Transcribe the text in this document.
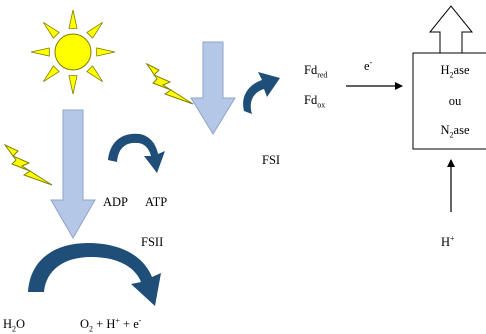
$Fd_{red}$
$Fd_{ox}$
e-
FSI
ADP ATP
FSII	H+
$H_2O$	$O_2 + H^+ + e^-$
$H_2ase$
ou
$N_2ase$
